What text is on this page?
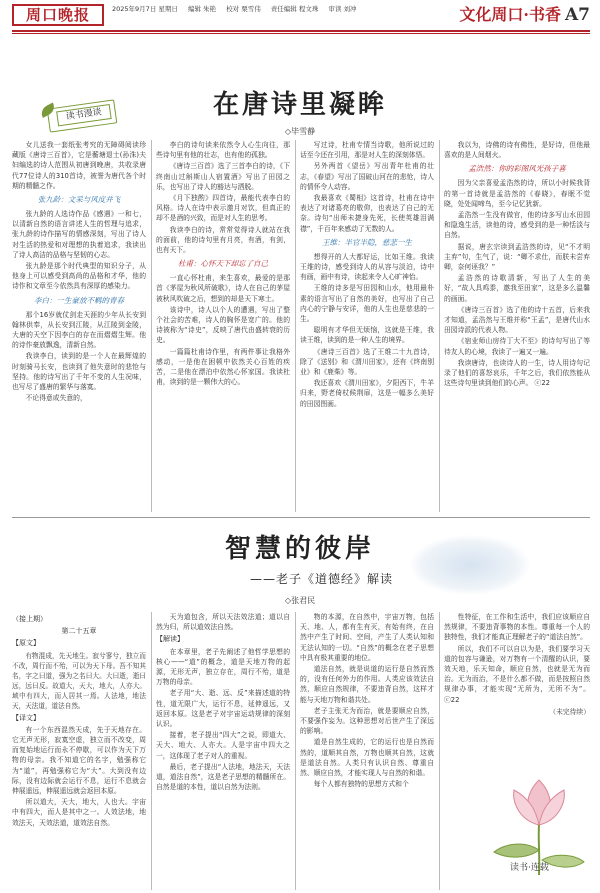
周口晚报	2025年9月7日 星期日 编辑 朱艳 校对 栗雪伟 责任编辑 程文珠 审读 刘冲	文化周口·书香 A7
读书漫谈	在唐诗里凝眸
◇毕雪静

女儿送我一套纸张考究的无障碍阅读珍藏版《唐诗三百首》，它是蘅塘退士(孙洙)夫妇编选的诗人范围从初唐到晚唐，共收录唐代77位诗人的310首诗，被誉为唐代各个时期的精髓之作。

张九龄：文采与风度并飞

张九龄的人选诗作品《感遇》一和七，以清新自然的语言讲述人生的哲理与追求，张九龄的诗作描写的情感深刻，写出了诗人对生活的热爱和对理想的执着追求，我读出了诗人高洁的品格与坚韧的心志。

张九龄是那个时代典型的知识分子，从他身上可以感受到高尚的品格和才华，他的诗作和文章至今依然具有深厚的感染力。

李白：一生豪放不羁的青春

那个16岁就仗剑走天涯的少年从长安到翰林供奉，从长安到江陵，从江陵到金陵，大唐的天空下因李白的存在而熠熠生辉。他的诗作豪放飘逸，清新自然。

我读李白，读到的是一个人在最辉煌的时刻骑马长安，也读到了他失意时的悲怆与坚持。他的诗写出了千年不变的人生况味，也写尽了盛唐的繁华与落寞。

不论得意或失意的，

李白的诗句读来依然令人心生向往，那些诗句里有他的壮志，也有他的孤独。

《唐诗三百首》选了三首李白的诗，《下终南山过斛斯山人宿置酒》写出了田园之乐，也写出了诗人的豁达与洒脱。

《月下独酌》四首诗，最能代表李白的风格。诗人在诗中表示邀月对饮，但真正的却不是酒的兴致，而是对人生的思考。

我读李白的诗，常常觉得诗人就站在我的面前，他的诗句里有月亮，有酒，有剑，也有天下。

杜甫：心怀天下却忘了自己

一直心怀杜甫，来生喜欢，最爱的是那首《茅屋为秋风所破歌》，诗人在自己的茅屋被秋风吹破之后，想到的却是天下寒士。

该诗中，诗人以个人的遭遇，写出了整个社会的苦难，诗人的胸怀是宽广的。他的诗被称为“诗史”，反映了唐代由盛转衰的历史。

一篇篇杜甫诗作里，有两件事让我格外感动，一是他在困顿中依然关心百姓的疾苦，二是他在漂泊中依然心怀家国。我读杜甫，读到的是一颗伟大的心。

写过诗，杜甫专情当诗歌，他所说过的话至今还在引用，那是对人生的深刻体悟。

另外两首《望岳》写出青年杜甫的壮志，《春望》写出了国破山河在的悲怆，诗人的情怀令人动容。

我最喜欢《蜀相》这首诗，杜甫在诗中表达了对诸葛亮的敬仰，也表达了自己的无奈。诗句“出师未捷身先死，长使英雄泪满襟”，千百年来感动了无数的人。

王维：半官半隐，慈悲一生

想得开的人大都好运，比如王维。我读王维的诗，感受到诗人的从容与淡泊，诗中有画，画中有诗，读起来令人心旷神怡。

王维的诗多是写田园和山水，他用最朴素的语言写出了自然的美好，也写出了自己内心的宁静与安详，他的人生也是慈悲的一生。

聪明有才华但无烦恼，这就是王维，我读王维，读到的是一种人生的境界。

《唐诗三百首》选了王维二十九首诗，除了《送别》和《渭川田家》，还有《终南别业》和《鹿柴》等。

我还喜欢《渭川田家》，夕阳西下，牛羊归来，野老倚杖候荆扉，这是一幅多么美好的田园图画。

我以为，诗佛的诗有佛性，是好诗，但他最喜欢的是人间烟火。

孟浩然：你的彩图风光孩子喜

因为父亲喜爱孟浩然的诗，所以小时候我背的第一首诗就是孟浩然的《春晓》，春眠不觉晓，处处闻啼鸟，至今记忆犹新。

孟浩然一生没有做官，他的诗多写山水田园和隐逸生活，读他的诗，感受到的是一种恬淡与自然。

据说，唐玄宗读到孟浩然的诗，见“不才明主弃”句，生气了，说：“卿不求仕，而朕未尝弃卿，奈何诬我？”

孟浩然的诗歌清新，写出了人生的美好，“故人具鸡黍，邀我至田家”，这是多么温馨的画面。

《唐诗三百首》选了他的诗十五首，后来我才知道，孟浩然与王维并称“王孟”，是唐代山水田园诗派的代表人物。

《宿业师山房待丁大不至》的诗句写出了等待友人的心境，我读了一遍又一遍。

我读唐诗，也读诗人的一生，诗人用诗句记录了他们的喜怒哀乐，千年之后，我们依然能从这些诗句里读到他们的心声。 ⓒ22

智慧的彼岸
——老子《道德经》解读
◇张君民
（接上期）
第二十五章
【原文】

有物混成，先天地生。寂兮寥兮，独立而不改，周行而不殆，可以为天下母。吾不知其名，字之曰道，强为之名曰大。大曰逝，逝曰远，远曰反。故道大，天大，地大，人亦大。域中有四大，而人居其一焉。人法地，地法天，天法道，道法自然。

【译文】

有一个东西混然天成，先于天地存在。它无声无形，寂寞空虚，独立而不改变，周而复始地运行而永不停歇，可以作为天下万物的母亲。我不知道它的名字，勉强称它为“道”，再勉强称它为“大”。大到没有边际，没有边际就会运行不息，运行不息就会伸展遥远，伸展遥远就会返回本原。

所以道大，天大，地大，人也大。宇宙中有四大，而人是其中之一。人效法地，地效法天，天效法道，道效法自然。

天为道包含，所以天法效法道；道以自然为归，所以道效法自然。

【解读】

在本章里，老子先阐述了他哲学思想的核心——“道”的概念，道是天地万物的起源，无形无声，独立存在，周行不殆，道是万物的母亲。

老子用“大、逝、远、反”来描述道的特性，道无限广大，运行不息，延伸遥远，又返回本原。这是老子对宇宙运动规律的深刻认识。

接着，老子提出“四大”之说，即道大、天大、地大、人亦大。人是宇宙中四大之一，这体现了老子对人的重视。

最后，老子提出“人法地，地法天，天法道，道法自然”，这是老子思想的精髓所在。自然是道的本性，道以自然为法则。

物的本源，在自然中，宇宙万物，包括天、地、人，都有生有灭，有始有终，在自然中产生了时间、空间，产生了人类认知和无法认知的一切。“自然”的概念在老子思想中具有极其重要的地位。

道法自然，就是说道的运行是自然而然的，没有任何外力的作用。人类应该效法自然，顺应自然规律，不要违背自然，这样才能与天地万物和谐共处。

老子主张无为而治，就是要顺应自然，不要强作妄为。这种思想对后世产生了深远的影响。

道是自然生成的，它的运行也是自然而然的，道顺其自然，万物也顺其自然，这就是道法自然。人类只有认识自然、尊重自然、顺应自然，才能实现人与自然的和谐。

每个人都有独特的思想方式和个

性特征，在工作和生活中，我们应该顺应自然规律，不要违背事物的本性。尊重每一个人的独特性，我们才能真正理解老子的“道法自然”。

所以，我们不可以自以为是，我们要学习天道的包容与谦逊，对万物有一个清醒的认识，要效天地，乐天知命，顺应自然，也就是无为而治。无为而治，不是什么都不做，而是按照自然规律办事，才能实现“无所为，无所不为”。 ⓒ22

（未完待续）
读书·连载
